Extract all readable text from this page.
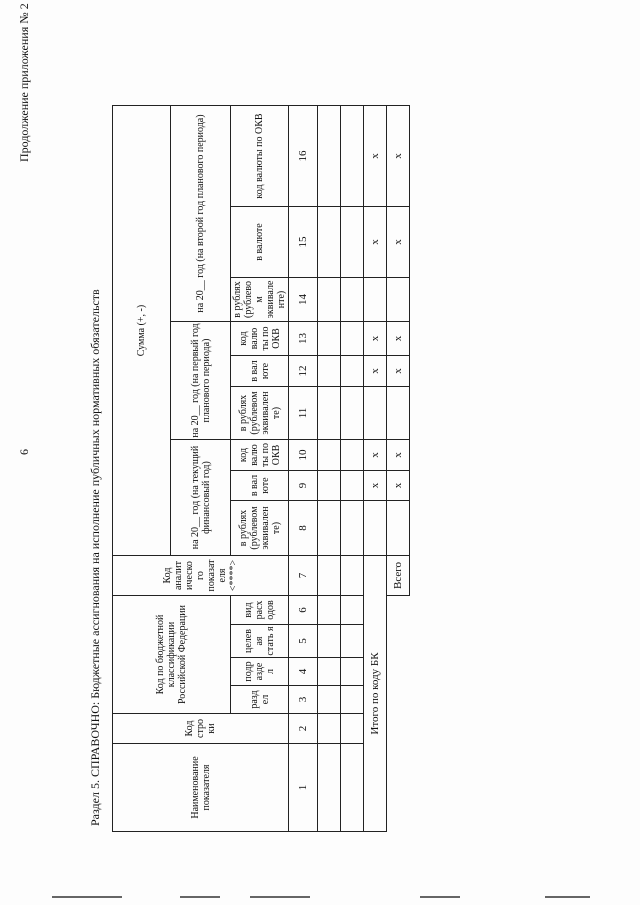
6
Продолжение приложения № 2
Раздел 5. СПРАВОЧНО: Бюджетные ассигнования на исполнение публичных нормативных обязательств	Наименование показателя	Код стро ки	Код по бюджетной классификации Российской Федерации				Код аналит ическо го показат еля <****>	Сумма (+, -)								
							на 20__ год (на текущий финансовый год)			на 20__ год (на первый год планового периода)			на 20__ год (на второй год планового периода)		
		разд ел	подр азде л	целев ая стать я	вид расх одов		в рублях (рублевом эквивален те)	в вал юте	код валю ты по ОКВ	в рублях (рублевом эквивален те)	в вал юте	код валю ты по ОКВ	в рублях (рублево м эквивале нте)	в валюте	код валюты по ОКВ
1	2	3	4	5	6	7	8	9	10	11	12	13	14	15	16

Итого по коду БК								x	x		x	x		x	x
						Всего		x	x		x	x		x	x
